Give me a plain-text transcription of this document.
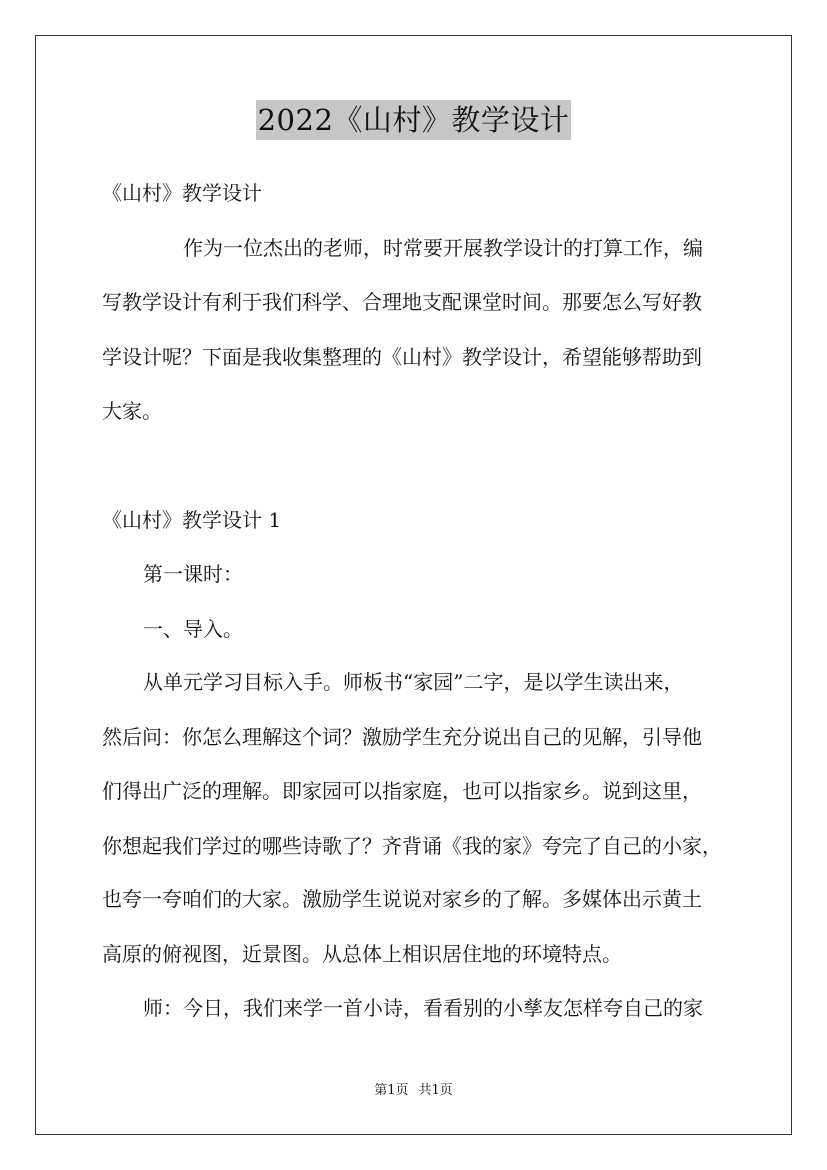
2022《山村》教学设计
《山村》教学设计
作为一位杰出的老师，时常要开展教学设计的打算工作，编
写教学设计有利于我们科学、合理地支配课堂时间。那要怎么写好教
学设计呢？下面是我收集整理的《山村》教学设计，希望能够帮助到
大家。
《山村》教学设计 1
第一课时：
一、导入。
从单元学习目标入手。师板书“家园”二字，是以学生读出来，
然后问：你怎么理解这个词？激励学生充分说出自己的见解，引导他
们得出广泛的理解。即家园可以指家庭，也可以指家乡。说到这里，
你想起我们学过的哪些诗歌了？齐背诵《我的家》夸完了自己的小家，
也夸一夸咱们的大家。激励学生说说对家乡的了解。多媒体出示黄土
高原的俯视图，近景图。从总体上相识居住地的环境特点。
师：今日，我们来学一首小诗，看看别的小孳友怎样夸自己的家
第1页 共1页
